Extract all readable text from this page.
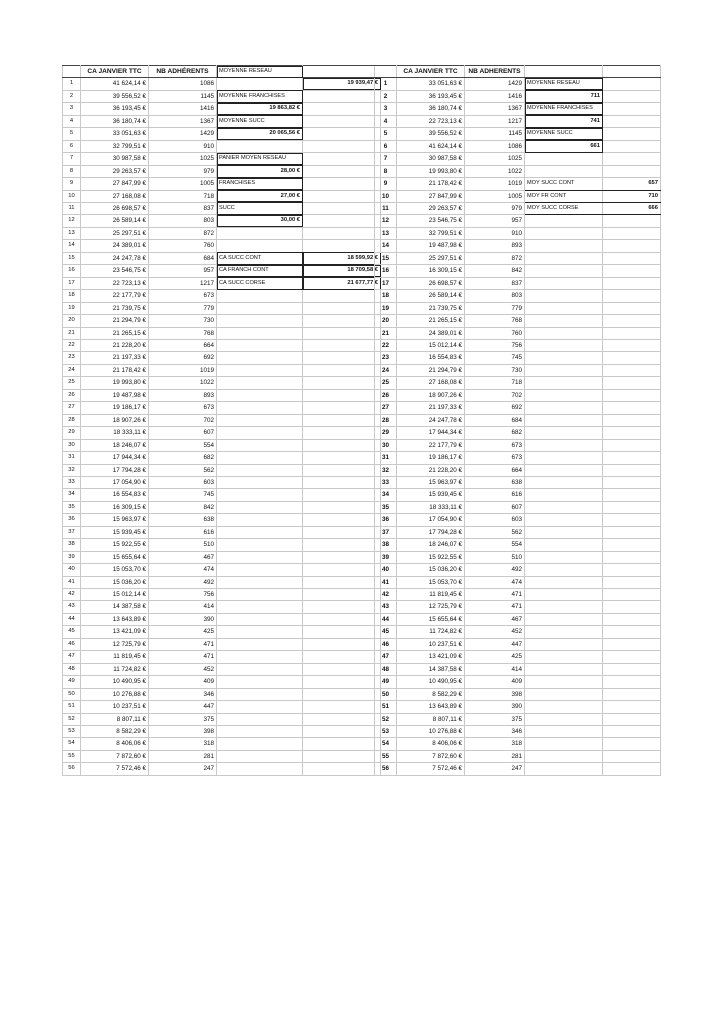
	CA JANVIER TTC	NB ADHÉRENTS	MOYENNE RESEAU	
1	41 624,14 €	1086		19 939,47 €
2	39 556,52 €	1145	MOYENNE FRANCHISES	
3	36 193,45 €	1416	19 863,82 €	
4	36 180,74 €	1367	MOYENNE SUCC	
5	33 051,63 €	1429	20 065,56 €	
6	32 799,51 €	910		
7	30 987,58 €	1025	PANIER MOYEN RESEAU	
8	29 263,57 €	979	28,00 €	
9	27 847,99 €	1005	FRANCHISES	
10	27 168,08 €	718	27,00 €	
11	26 698,57 €	837	SUCC	
12	26 589,14 €	803	30,00 €	
13	25 297,51 €	872		
14	24 389,01 €	760		
15	24 247,78 €	684	CA SUCC CONT	18 599,92 €
16	23 546,75 €	957	CA FRANCH CONT	18 709,58 €
17	22 723,13 €	1217	CA SUCC CORSE	21 677,77 €
18	22 177,79 €	673		
19	21 739,75 €	779		
20	21 294,79 €	730		
21	21 265,15 €	768		
22	21 228,20 €	664		
23	21 197,33 €	692		
24	21 178,42 €	1019		
25	19 993,80 €	1022		
26	19 487,98 €	893		
27	19 186,17 €	673		
28	18 907,26 €	702		
29	18 333,11 €	607		
30	18 246,07 €	554		
31	17 944,34 €	682		
32	17 794,28 €	562		
33	17 054,90 €	603		
34	16 554,83 €	745		
35	16 309,15 €	842		
36	15 963,97 €	638		
37	15 939,45 €	616		
38	15 922,55 €	510		
39	15 655,64 €	467		
40	15 053,70 €	474		
41	15 036,20 €	492		
42	15 012,14 €	756		
43	14 387,58 €	414		
44	13 643,89 €	390		
45	13 421,09 €	425		
46	12 725,79 €	471		
47	11 819,45 €	471		
48	11 724,82 €	452		
49	10 490,95 €	409		
50	10 276,88 €	346		
51	10 237,51 €	447		
52	8 807,11 €	375		
53	8 582,29 €	398		
54	8 406,06 €	318		
55	7 872,60 €	281		
56	7 572,46 €	247		
	CA JANVIER TTC	NB ADHERENTS		
1	33 051,63 €	1429	MOYENNE RESEAU	
2	36 193,45 €	1416	711	
3	36 180,74 €	1367	MOYENNE FRANCHISES	
4	22 723,13 €	1217	741	
5	39 556,52 €	1145	MOYENNE SUCC	
6	41 624,14 €	1086	661	
7	30 987,58 €	1025		
8	19 993,80 €	1022		
9	21 178,42 €	1019	MOY SUCC CONT	657
10	27 847,99 €	1005	MOY FR CONT	710
11	29 263,57 €	979	MOY SUCC CORSE	666
12	23 546,75 €	957		
13	32 799,51 €	910		
14	19 487,98 €	893		
15	25 297,51 €	872		
16	16 309,15 €	842		
17	26 698,57 €	837		
18	26 589,14 €	803		
19	21 739,75 €	779		
20	21 265,15 €	768		
21	24 389,01 €	760		
22	15 012,14 €	756		
23	16 554,83 €	745		
24	21 294,79 €	730		
25	27 168,08 €	718		
26	18 907,26 €	702		
27	21 197,33 €	692		
28	24 247,78 €	684		
29	17 944,34 €	682		
30	22 177,79 €	673		
31	19 186,17 €	673		
32	21 228,20 €	664		
33	15 963,97 €	638		
34	15 939,45 €	616		
35	18 333,11 €	607		
36	17 054,90 €	603		
37	17 794,28 €	562		
38	18 246,07 €	554		
39	15 922,55 €	510		
40	15 036,20 €	492		
41	15 053,70 €	474		
42	11 819,45 €	471		
43	12 725,79 €	471		
44	15 655,64 €	467		
45	11 724,82 €	452		
46	10 237,51 €	447		
47	13 421,09 €	425		
48	14 387,58 €	414		
49	10 490,95 €	409		
50	8 582,29 €	398		
51	13 643,89 €	390		
52	8 807,11 €	375		
53	10 276,88 €	346		
54	8 406,06 €	318		
55	7 872,60 €	281		
56	7 572,46 €	247		
